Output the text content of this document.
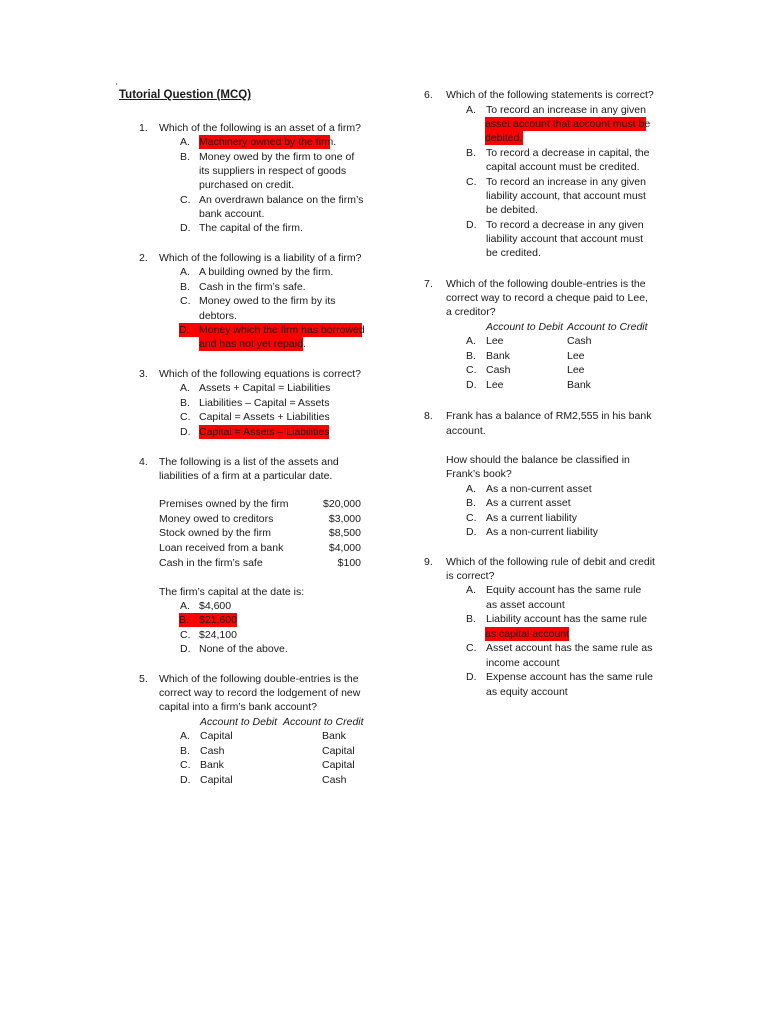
'
Tutorial Question (MCQ)
1. Which of the following is an asset of a firm?
A. Machinery owned by the firm.
B. Money owed by the firm to one of
its suppliers in respect of goods
purchased on credit.
C. An overdrawn balance on the firm’s
bank account.
D. The capital of the firm.
2. Which of the following is a liability of a firm?
A. A building owned by the firm.
B. Cash in the firm’s safe.
C. Money owed to the firm by its
debtors.
D. Money which the firm has borrowed
and has not yet repaid.
3. Which of the following equations is correct?
A. Assets + Capital = Liabilities
B. Liabilities – Capital = Assets
C. Capital = Assets + Liabilities
D. Capital = Assets – Liabilities
4. The following is a list of the assets and
liabilities of a firm at a particular date.
Premises owned by the firm	$20,000
Money owed to creditors	$3,000
Stock owned by the firm	$8,500
Loan received from a bank	$4,000
Cash in the firm’s safe	$100
The firm’s capital at the date is:
A. $4,600
B. $21,600
C. $24,100
D. None of the above.
5. Which of the following double-entries is the
correct way to record the lodgement of new
capital into a firm’s bank account?
Account to Debit Account to Credit
A. Capital	Bank
B. Cash	Capital
C. Bank	Capital
D. Capital	Cash
6. Which of the following statements is correct?
A. To record an increase in any given
asset account that account must be
debited.
B. To record a decrease in capital, the
capital account must be credited.
C. To record an increase in any given
liability account, that account must
be debited.
D. To record a decrease in any given
liability account that account must
be credited.
7. Which of the following double-entries is the
correct way to record a cheque paid to Lee,
a creditor?
Account to Debit Account to Credit
A. Lee	Cash
B. Bank	Lee
C. Cash	Lee
D. Lee	Bank
8. Frank has a balance of RM2,555 in his bank
account.
How should the balance be classified in
Frank’s book?
A. As a non-current asset
B. As a current asset
C. As a current liability
D. As a non-current liability
9. Which of the following rule of debit and credit
is correct?
A. Equity account has the same rule
as asset account
B. Liability account has the same rule
as capital account
C. Asset account has the same rule as
income account
D. Expense account has the same rule
as equity account
